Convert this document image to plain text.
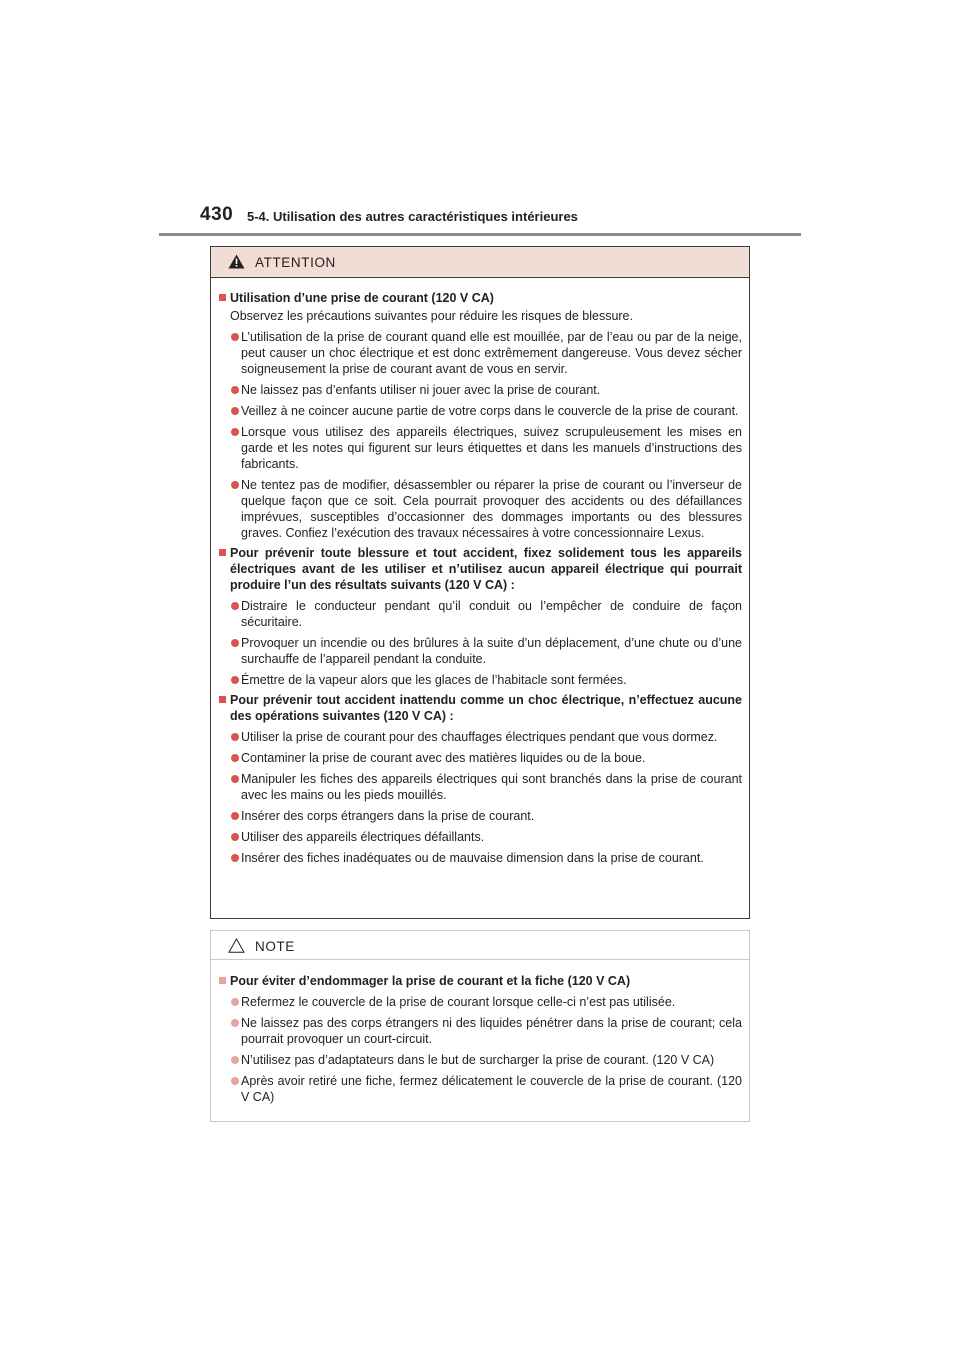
430 5-4. Utilisation des autres caractéristiques intérieures
ATTENTION
Utilisation d’une prise de courant (120 V CA)
Observez les précautions suivantes pour réduire les risques de blessure.
L’utilisation de la prise de courant quand elle est mouillée, par de l’eau ou par de la neige, peut causer un choc électrique et est donc extrêmement dangereuse. Vous devez sécher soigneusement la prise de courant avant de vous en servir.
Ne laissez pas d’enfants utiliser ni jouer avec la prise de courant.
Veillez à ne coincer aucune partie de votre corps dans le couvercle de la prise de courant.
Lorsque vous utilisez des appareils électriques, suivez scrupuleusement les mises en garde et les notes qui figurent sur leurs étiquettes et dans les manuels d’instructions des fabricants.
Ne tentez pas de modifier, désassembler ou réparer la prise de courant ou l’inverseur de quelque façon que ce soit. Cela pourrait provoquer des accidents ou des défaillances imprévues, susceptibles d’occasionner des dommages importants ou des blessures graves. Confiez l’exécution des travaux nécessaires à votre concessionnaire Lexus.
Pour prévenir toute blessure et tout accident, fixez solidement tous les appareils électriques avant de les utiliser et n’utilisez aucun appareil électrique qui pourrait produire l’un des résultats suivants (120 V CA) :
Distraire le conducteur pendant qu’il conduit ou l’empêcher de conduire de façon sécuritaire.
Provoquer un incendie ou des brûlures à la suite d’un déplacement, d’une chute ou d’une surchauffe de l’appareil pendant la conduite.
Émettre de la vapeur alors que les glaces de l’habitacle sont fermées.
Pour prévenir tout accident inattendu comme un choc électrique, n’effectuez aucune des opérations suivantes (120 V CA) :
Utiliser la prise de courant pour des chauffages électriques pendant que vous dormez.
Contaminer la prise de courant avec des matières liquides ou de la boue.
Manipuler les fiches des appareils électriques qui sont branchés dans la prise de courant avec les mains ou les pieds mouillés.
Insérer des corps étrangers dans la prise de courant.
Utiliser des appareils électriques défaillants.
Insérer des fiches inadéquates ou de mauvaise dimension dans la prise de courant.
NOTE
Pour éviter d’endommager la prise de courant et la fiche (120 V CA)
Refermez le couvercle de la prise de courant lorsque celle-ci n’est pas utilisée.
Ne laissez pas des corps étrangers ni des liquides pénétrer dans la prise de courant; cela pourrait provoquer un court-circuit.
N’utilisez pas d’adaptateurs dans le but de surcharger la prise de courant. (120 V CA)
Après avoir retiré une fiche, fermez délicatement le couvercle de la prise de courant. (120 V CA)
